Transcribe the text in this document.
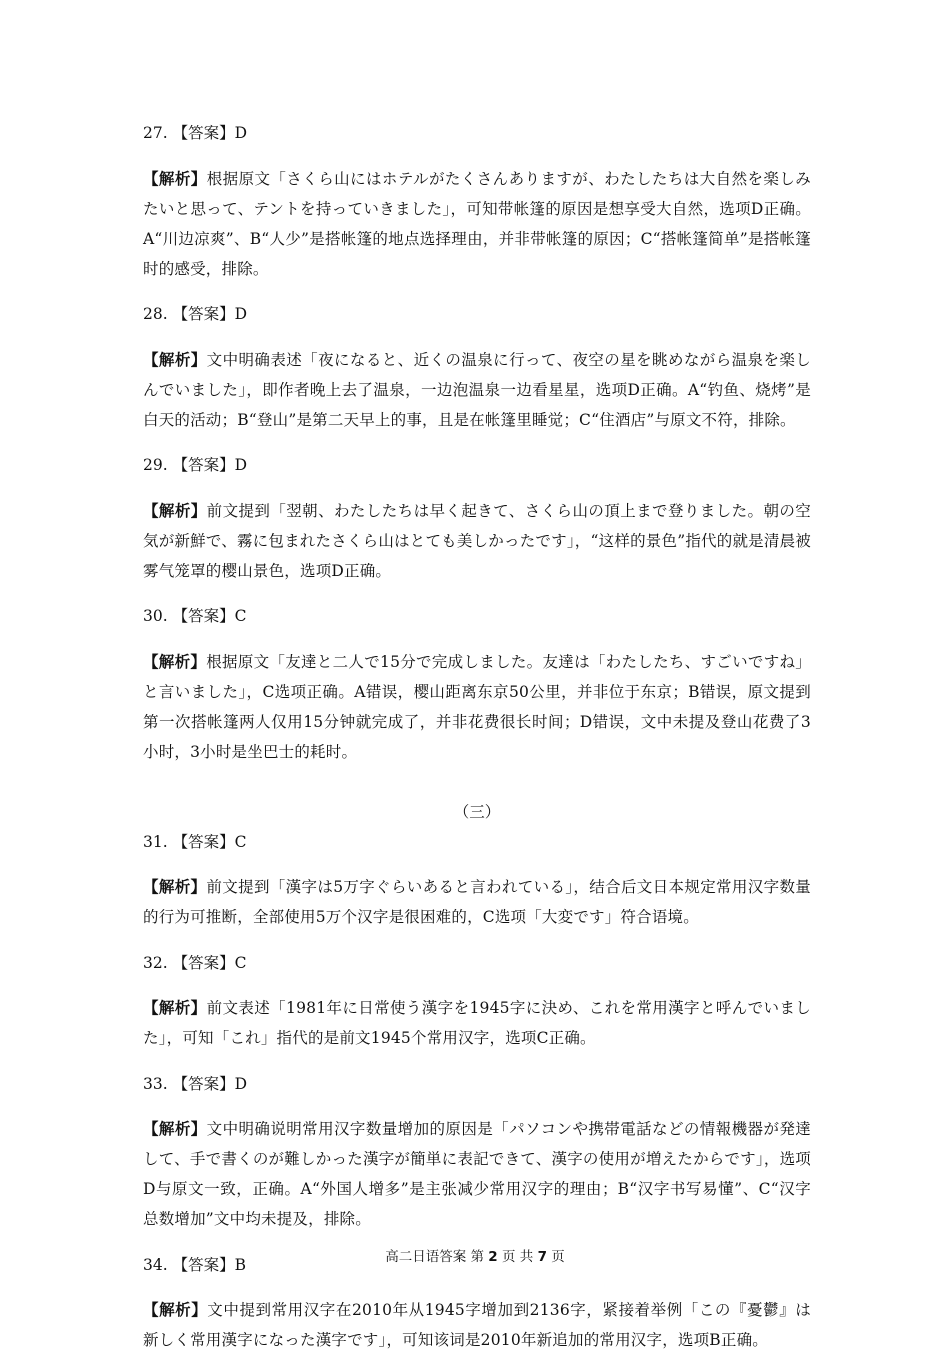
27. 【答案】D

【解析】根据原文「さくら山にはホテルがたくさんありますが、わたしたちは大自然を楽しみたいと思って、テントを持っていきました」，可知带帐篷的原因是想享受大自然，选项D正确。A“川边凉爽”、B“人少”是搭帐篷的地点选择理由，并非带帐篷的原因；C“搭帐篷简单”是搭帐篷时的感受，排除。

28. 【答案】D

【解析】文中明确表述「夜になると、近くの温泉に行って、夜空の星を眺めながら温泉を楽しんでいました」，即作者晚上去了温泉，一边泡温泉一边看星星，选项D正确。A“钓鱼、烧烤”是白天的活动；B“登山”是第二天早上的事，且是在帐篷里睡觉；C“住酒店”与原文不符，排除。

29. 【答案】D

【解析】前文提到「翌朝、わたしたちは早く起きて、さくら山の頂上まで登りました。朝の空気が新鮮で、霧に包まれたさくら山はとても美しかったです」，“这样的景色”指代的就是清晨被雾气笼罩的樱山景色，选项D正确。

30. 【答案】C

【解析】根据原文「友達と二人で15分で完成しました。友達は「わたしたち、すごいですね」と言いました」，C选项正确。A错误，樱山距离东京50公里，并非位于东京；B错误，原文提到第一次搭帐篷两人仅用15分钟就完成了，并非花费很长时间；D错误，文中未提及登山花费了3小时，3小时是坐巴士的耗时。

（三）
31. 【答案】C

【解析】前文提到「漢字は5万字ぐらいあると言われている」，结合后文日本规定常用汉字数量的行为可推断，全部使用5万个汉字是很困难的，C选项「大変です」符合语境。

32. 【答案】C

【解析】前文表述「1981年に日常使う漢字を1945字に決め、これを常用漢字と呼んでいました」，可知「これ」指代的是前文1945个常用汉字，选项C正确。

33. 【答案】D

【解析】文中明确说明常用汉字数量增加的原因是「パソコンや携帯電話などの情報機器が発達して、手で書くのが難しかった漢字が簡単に表記できて、漢字の使用が増えたからです」，选项D与原文一致，正确。A“外国人增多”是主张减少常用汉字的理由；B“汉字书写易懂”、C“汉字总数增加”文中均未提及，排除。

34. 【答案】B

【解析】文中提到常用汉字在2010年从1945字增加到2136字，紧接着举例「この『憂鬱』は新しく常用漢字になった漢字です」，可知该词是2010年新追加的常用汉字，选项B正确。

高二日语答案 第 2 页 共 7 页
